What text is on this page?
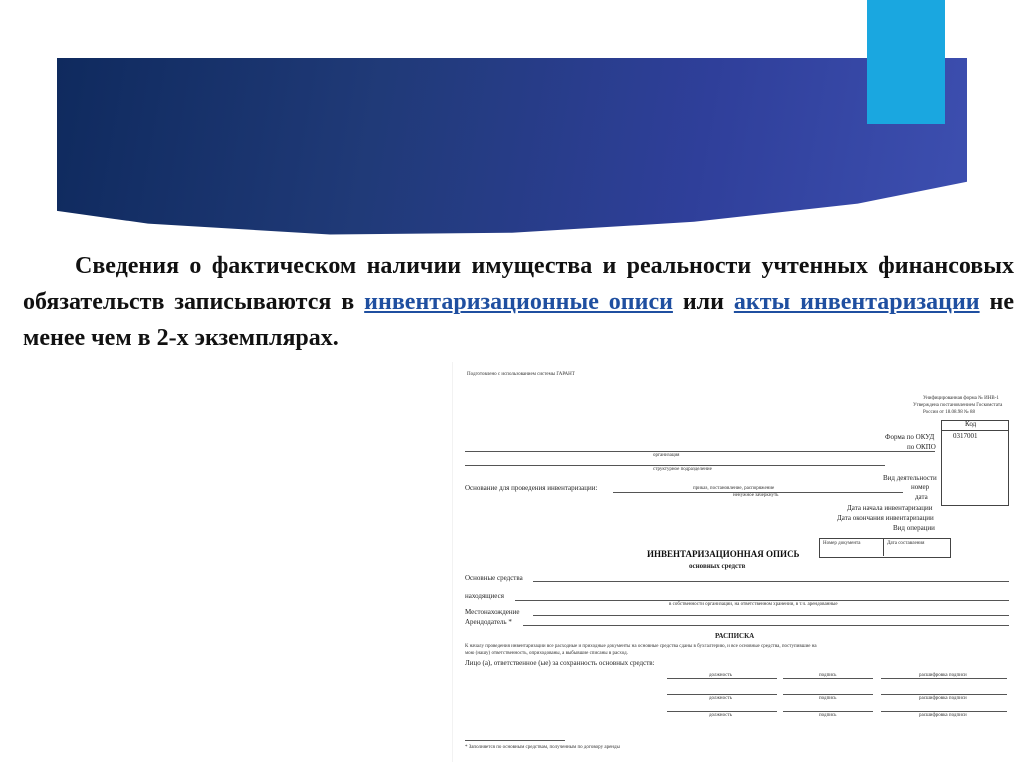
Сведения о фактическом наличии имущества и реальности учтенных финансовых обязательств записываются в инвентаризационные описи или акты инвентаризации не менее чем в 2-х экземплярах.
Подготовлено с использованием системы ГАРАНТ
Унифицированная форма № ИНВ-1
Утверждена постановлением Госкомстата
России от 18.08.98 № 88
Код
0317001
Форма по ОКУД
по ОКПО
организация
структурное подразделение
Вид деятельности
Основание для проведения инвентаризации:	приказ, постановление, распоряжение
ненужное зачеркнуть
номер
дата
Дата начала инвентаризации
Дата окончания инвентаризации
Вид операции
Номер документа	Дата составления
ИНВЕНТАРИЗАЦИОННАЯ ОПИСЬ
основных средств
Основные средства
находящиеся
в собственности организации, на ответственном хранении, в т.ч. арендованные
Местонахождение
Арендодатель *
РАСПИСКА
К началу проведения инвентаризации все расходные и приходные документы на основные средства сданы в бухгалтерию, и все основные средства, поступившие на
мою (нашу) ответственность, оприходованы, а выбывшие списаны в расход.
Лицо (а), ответственное (ые) за сохранность основных средств:
должность	подпись	расшифровка подписи
должность	подпись	расшифровка подписи
должность	подпись	расшифровка подписи
* Заполняется по основным средствам, полученным по договору аренды
